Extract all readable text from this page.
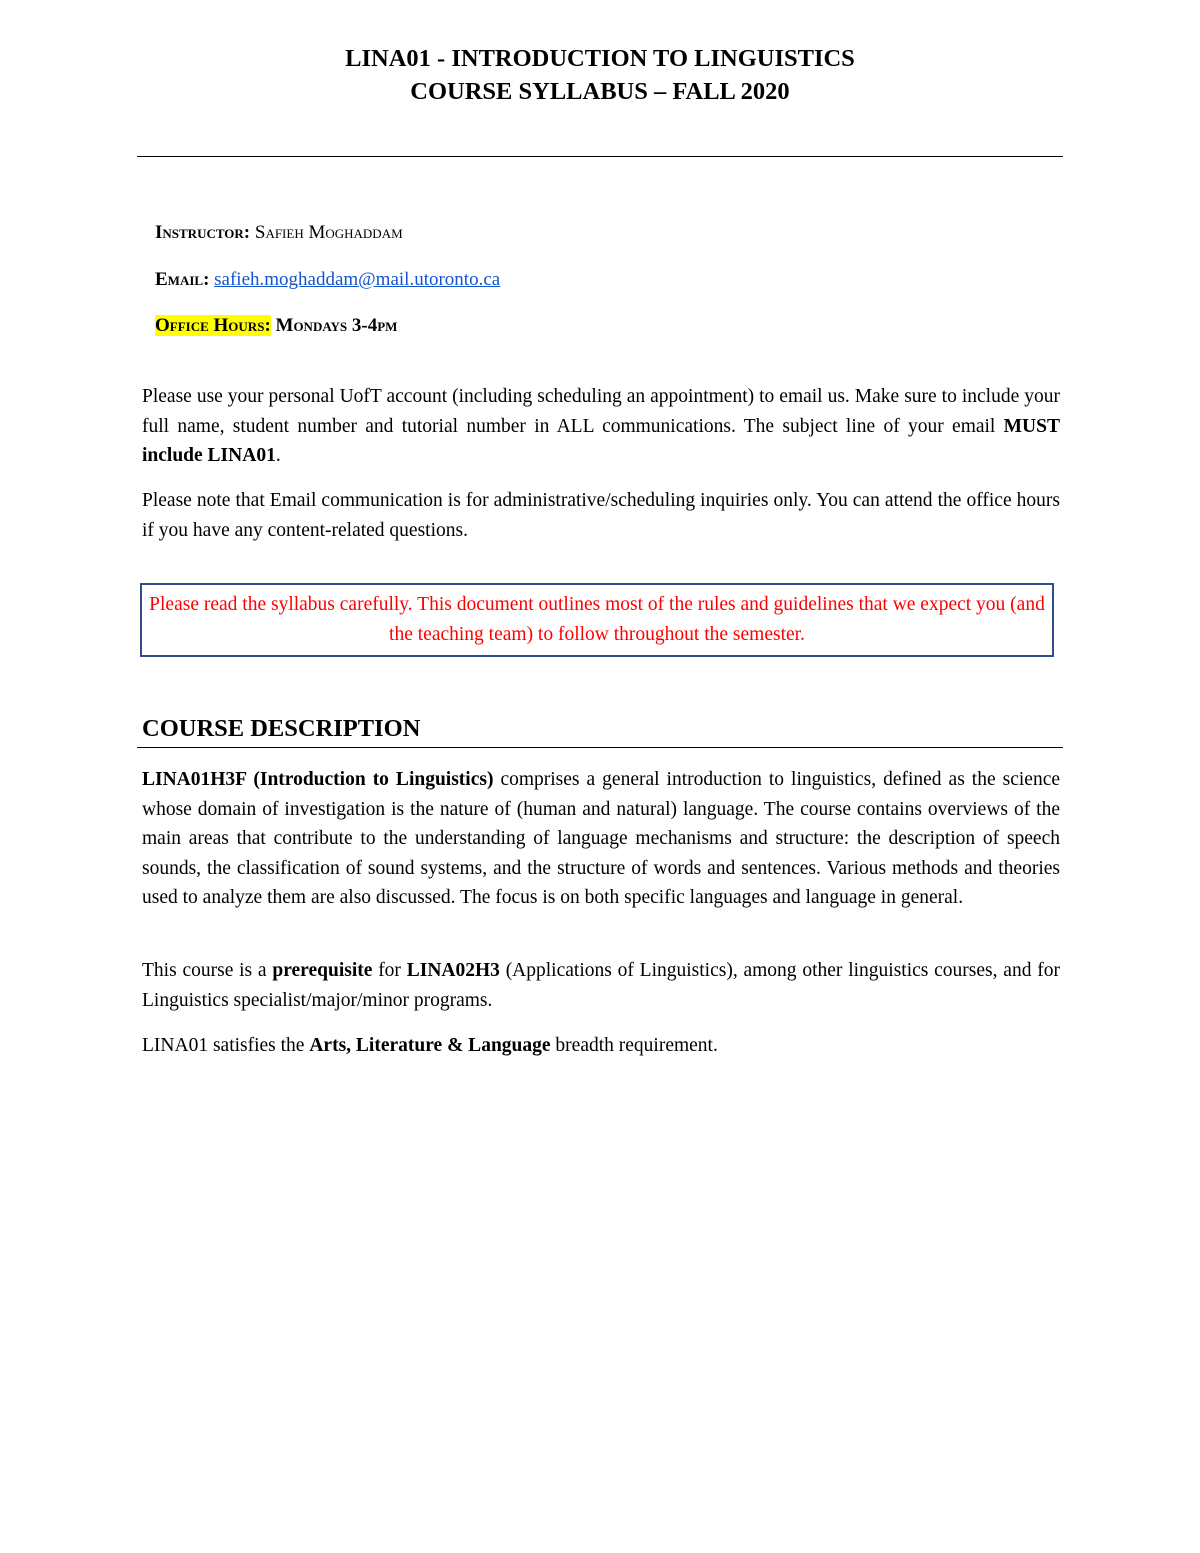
LINA01 - INTRODUCTION TO LINGUISTICS
COURSE SYLLABUS – FALL 2020
Instructor: Safieh Moghaddam
Email: safieh.moghaddam@mail.utoronto.ca
Office Hours: Mondays 3-4pm
Please use your personal UofT account (including scheduling an appointment) to email us. Make sure to include your full name, student number and tutorial number in ALL communications. The subject line of your email MUST include LINA01.
Please note that Email communication is for administrative/scheduling inquiries only. You can attend the office hours if you have any content-related questions.
Please read the syllabus carefully. This document outlines most of the rules and guidelines that we expect you (and the teaching team) to follow throughout the semester.
COURSE DESCRIPTION
LINA01H3F (Introduction to Linguistics) comprises a general introduction to linguistics, defined as the science whose domain of investigation is the nature of (human and natural) language. The course contains overviews of the main areas that contribute to the understanding of language mechanisms and structure: the description of speech sounds, the classification of sound systems, and the structure of words and sentences. Various methods and theories used to analyze them are also discussed. The focus is on both specific languages and language in general.
This course is a prerequisite for LINA02H3 (Applications of Linguistics), among other linguistics courses, and for Linguistics specialist/major/minor programs.
LINA01 satisfies the Arts, Literature & Language breadth requirement.
